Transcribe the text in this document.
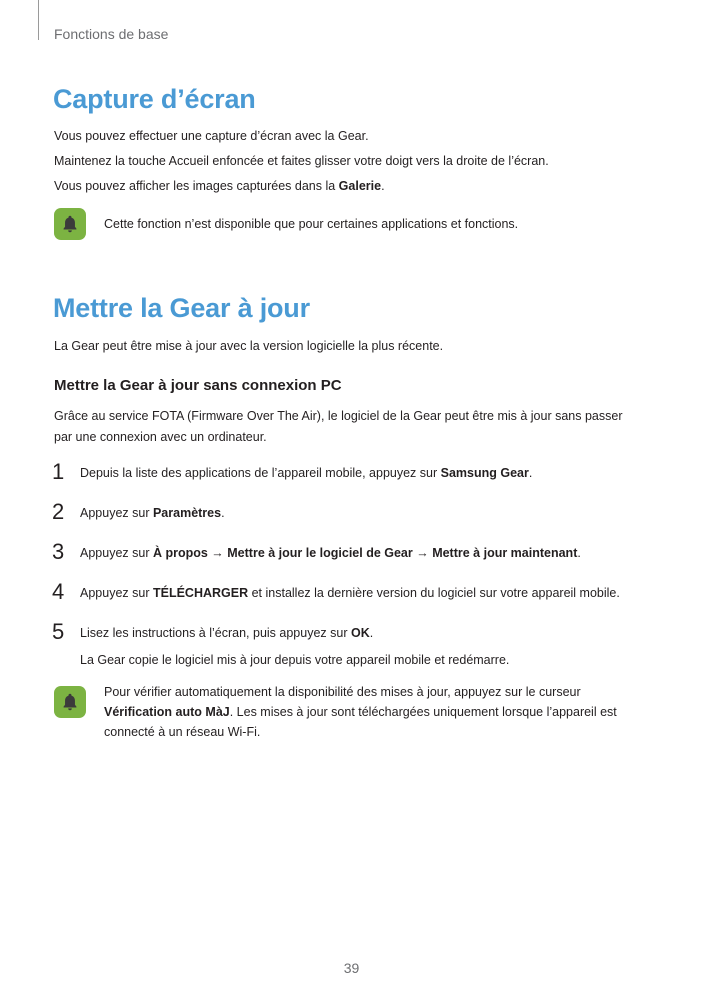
Fonctions de base
Capture d’écran

Vous pouvez effectuer une capture d’écran avec la Gear.

Maintenez la touche Accueil enfoncée et faites glisser votre doigt vers la droite de l’écran.

Vous pouvez afficher les images capturées dans la Galerie.

Cette fonction n’est disponible que pour certaines applications et fonctions.
Mettre la Gear à jour

La Gear peut être mise à jour avec la version logicielle la plus récente.

Mettre la Gear à jour sans connexion PC

Grâce au service FOTA (Firmware Over The Air), le logiciel de la Gear peut être mis à jour sans passer

par une connexion avec un ordinateur.

1 Depuis la liste des applications de l’appareil mobile, appuyez sur Samsung Gear.
2 Appuyez sur Paramètres.
3 Appuyez sur À propos → Mettre à jour le logiciel de Gear → Mettre à jour maintenant.
4 Appuyez sur TÉLÉCHARGER et installez la dernière version du logiciel sur votre appareil mobile.
5 Lisez les instructions à l’écran, puis appuyez sur OK.

La Gear copie le logiciel mis à jour depuis votre appareil mobile et redémarre.

Pour vérifier automatiquement la disponibilité des mises à jour, appuyez sur le curseur
Vérification auto MàJ. Les mises à jour sont téléchargées uniquement lorsque l’appareil est
connecté à un réseau Wi-Fi.
39
